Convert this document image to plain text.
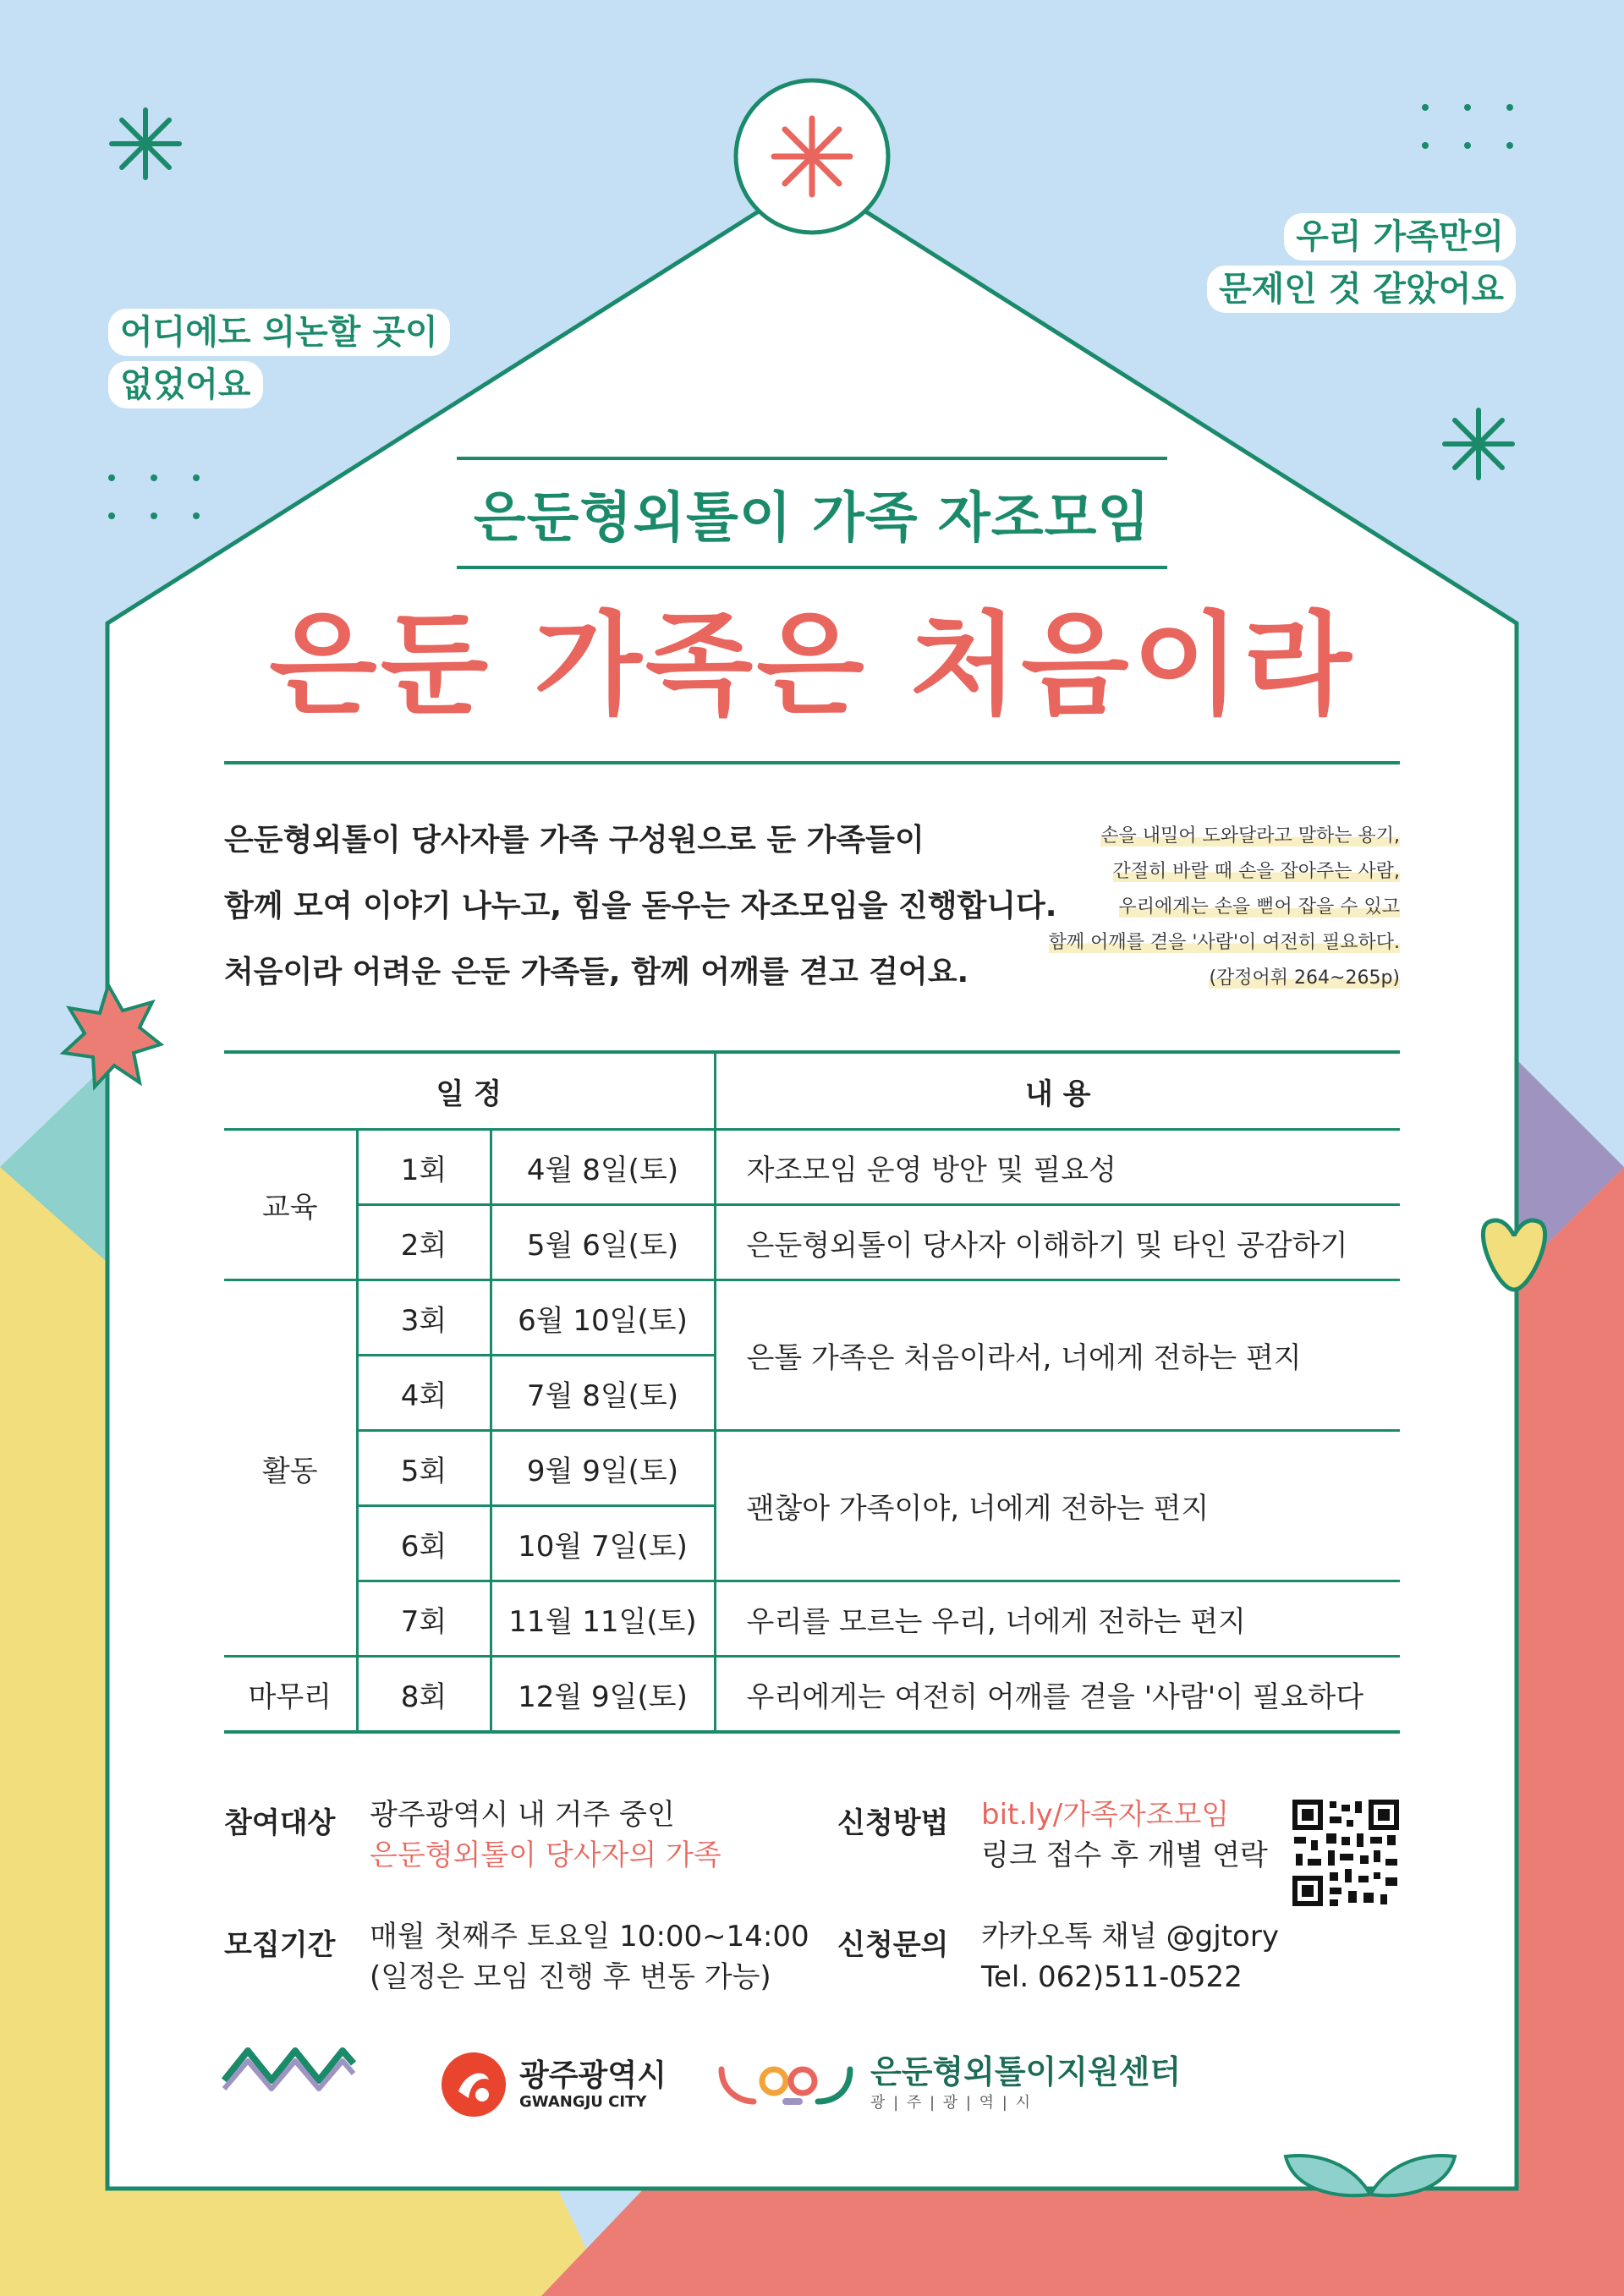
어디에도 의논할 곳이
없었어요
우리 가족만의
문제인 것 같았어요
은둔형외톨이 가족 자조모임
은둔 가족은 처음이라
은둔형외톨이 당사자를 가족 구성원으로 둔 가족들이
함께 모여 이야기 나누고, 힘을 돋우는 자조모임을 진행합니다.
처음이라 어려운 은둔 가족들, 함께 어깨를 겯고 걸어요.
손을 내밀어 도와달라고 말하는 용기,
간절히 바랄 때 손을 잡아주는 사람,
우리에게는 손을 뻗어 잡을 수 있고
함께 어깨를 겯을 '사람'이 여전히 필요하다.
(감정어휘 264~265p)
일 정			내 용
교육	1회	4월 8일(토)	자조모임 운영 방안 및 필요성
	2회	5월 6일(토)	은둔형외톨이 당사자 이해하기 및 타인 공감하기
활동	3회	6월 10일(토)	은톨 가족은 처음이라서, 너에게 전하는 편지
	4회	7월 8일(토)	
	5회	9월 9일(토)	괜찮아 가족이야, 너에게 전하는 편지
	6회	10월 7일(토)	
	7회	11월 11일(토)	우리를 모르는 우리, 너에게 전하는 편지
마무리	8회	12월 9일(토)	우리에게는 여전히 어깨를 겯을 '사람'이 필요하다
참여대상 광주광역시 내 거주 중인
은둔형외톨이 당사자의 가족
모집기간 매월 첫째주 토요일 10:00~14:00
(일정은 모임 진행 후 변동 가능)
신청방법 bit.ly/가족자조모임
링크 접수 후 개별 연락
신청문의 카카오톡 채널 @gjtory
Tel. 062)511-0522
광주광역시
GWANGJU CITY
은둔형외톨이지원센터
광 | 주 | 광 | 역 | 시
